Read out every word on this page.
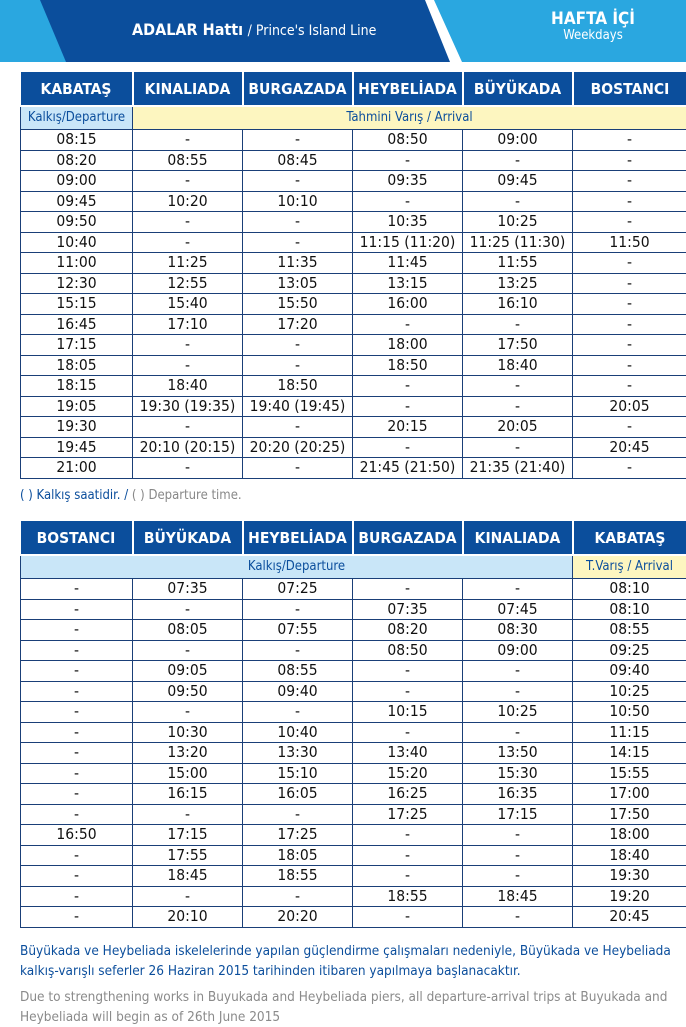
ADALAR Hattı / Prince's Island Line
HAFTA İÇİ
Weekdays
KABATAŞ	KINALIADA	BURGAZADA	HEYBELİADA	BÜYÜKADA	BOSTANCI
Kalkış/Departure	Tahmini Varış / Arrival				
08:15	-	-	08:50	09:00	-
08:20	08:55	08:45	-	-	-
09:00	-	-	09:35	09:45	-
09:45	10:20	10:10	-	-	-
09:50	-	-	10:35	10:25	-
10:40	-	-	11:15 (11:20)	11:25 (11:30)	11:50
11:00	11:25	11:35	11:45	11:55	-
12:30	12:55	13:05	13:15	13:25	-
15:15	15:40	15:50	16:00	16:10	-
16:45	17:10	17:20	-	-	-
17:15	-	-	18:00	17:50	-
18:05	-	-	18:50	18:40	-
18:15	18:40	18:50	-	-	-
19:05	19:30 (19:35)	19:40 (19:45)	-	-	20:05
19:30	-	-	20:15	20:05	-
19:45	20:10 (20:15)	20:20 (20:25)	-	-	20:45
21:00	-	-	21:45 (21:50)	21:35 (21:40)	-
( ) Kalkış saatidir. / ( ) Departure time.
BOSTANCI	BÜYÜKADA	HEYBELİADA	BURGAZADA	KINALIADA	KABATAŞ
Kalkış/Departure					T.Varış / Arrival
-	07:35	07:25	-	-	08:10
-	-	-	07:35	07:45	08:10
-	08:05	07:55	08:20	08:30	08:55
-	-	-	08:50	09:00	09:25
-	09:05	08:55	-	-	09:40
-	09:50	09:40	-	-	10:25
-	-	-	10:15	10:25	10:50
-	10:30	10:40	-	-	11:15
-	13:20	13:30	13:40	13:50	14:15
-	15:00	15:10	15:20	15:30	15:55
-	16:15	16:05	16:25	16:35	17:00
-	-	-	17:25	17:15	17:50
16:50	17:15	17:25	-	-	18:00
-	17:55	18:05	-	-	18:40
-	18:45	18:55	-	-	19:30
-	-	-	18:55	18:45	19:20
-	20:10	20:20	-	-	20:45
Büyükada ve Heybeliada iskelelerinde yapılan güçlendirme çalışmaları nedeniyle, Büyükada ve Heybeliada kalkış-varışlı seferler 26 Haziran 2015 tarihinden itibaren yapılmaya başlanacaktır.
Due to strengthening works in Buyukada and Heybeliada piers, all departure-arrival trips at Buyukada and Heybeliada will begin as of 26th June 2015
